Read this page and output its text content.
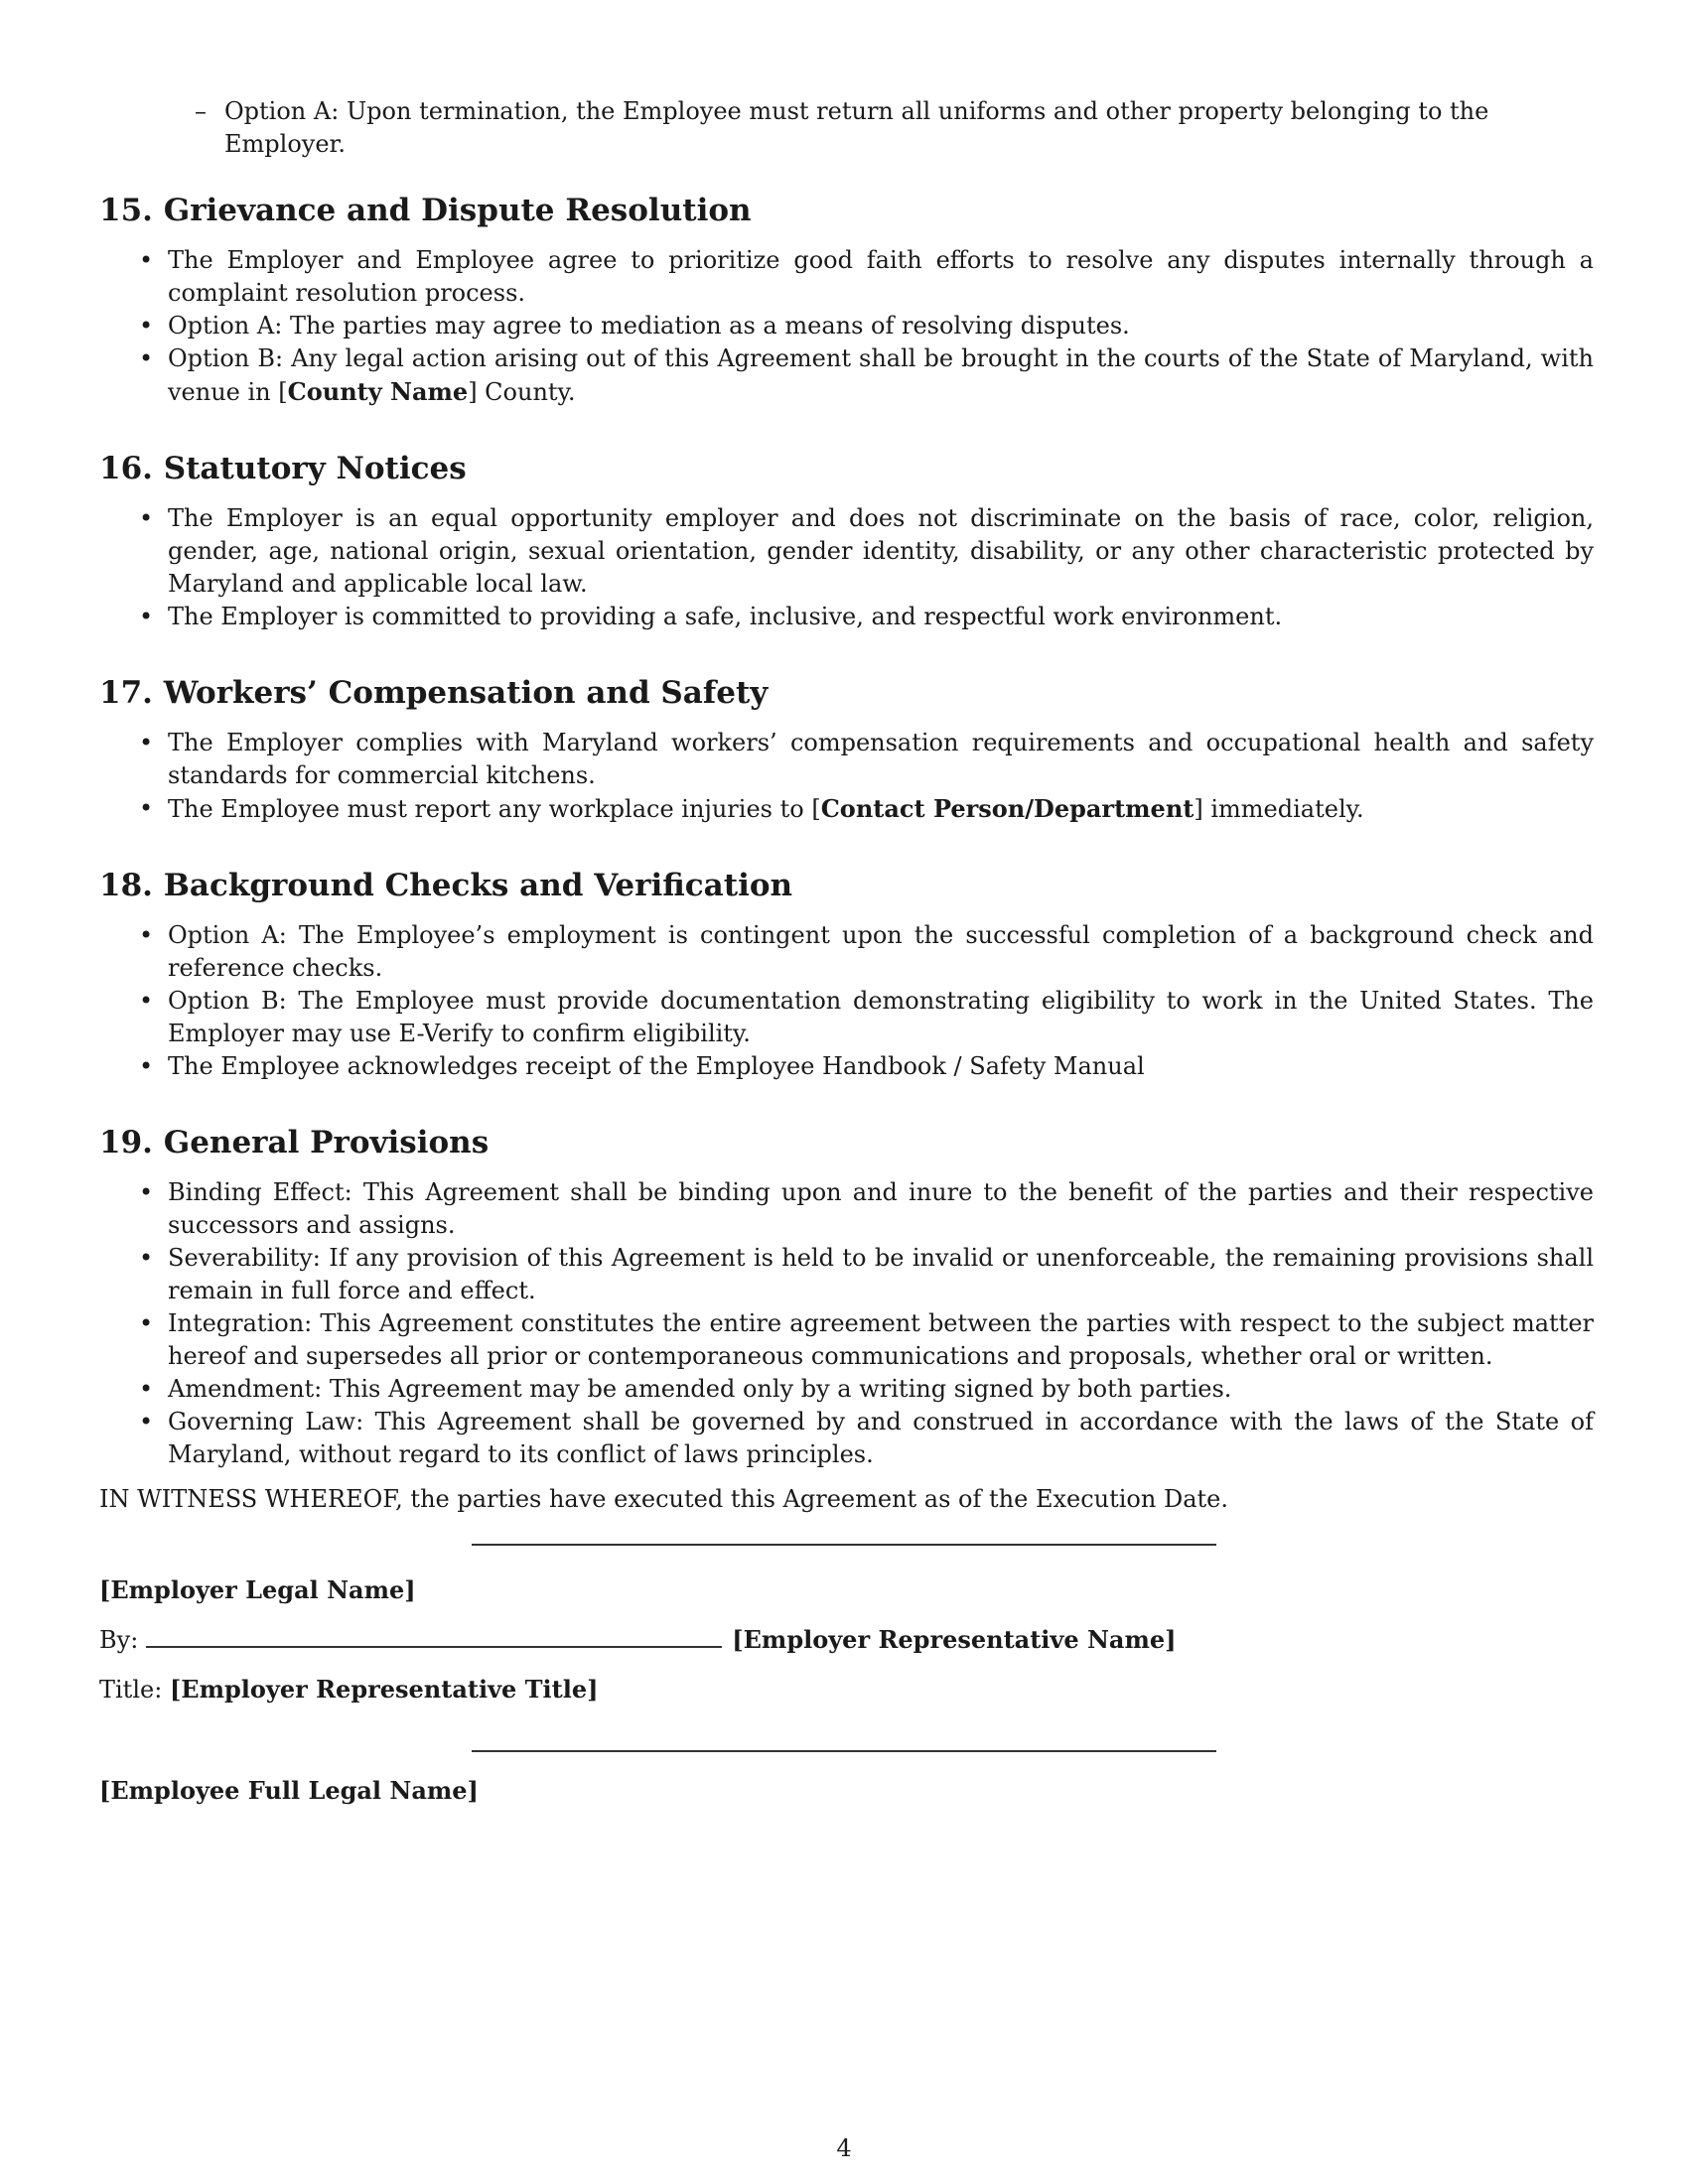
– Option A: Upon termination, the Employee must return all uniforms and other property belonging to the Employer.
15. Grievance and Dispute Resolution
• The Employer and Employee agree to prioritize good faith efforts to resolve any disputes internally through a complaint resolution process.
• Option A: The parties may agree to mediation as a means of resolving disputes.
• Option B: Any legal action arising out of this Agreement shall be brought in the courts of the State of Maryland, with venue in [County Name] County.
16. Statutory Notices
• The Employer is an equal opportunity employer and does not discriminate on the basis of race, color, religion, gender, age, national origin, sexual orientation, gender identity, disability, or any other characteristic protected by Maryland and applicable local law.
• The Employer is committed to providing a safe, inclusive, and respectful work environment.
17. Workers’ Compensation and Safety
• The Employer complies with Maryland workers’ compensation requirements and occupational health and safety standards for commercial kitchens.
• The Employee must report any workplace injuries to [Contact Person/Department] immediately.
18. Background Checks and Verification
• Option A: The Employee’s employment is contingent upon the successful completion of a background check and reference checks.
• Option B: The Employee must provide documentation demonstrating eligibility to work in the United States. The Employer may use E-Verify to confirm eligibility.
• The Employee acknowledges receipt of the Employee Handbook / Safety Manual
19. General Provisions
• Binding Effect: This Agreement shall be binding upon and inure to the benefit of the parties and their respective successors and assigns.
• Severability: If any provision of this Agreement is held to be invalid or unenforceable, the remaining provisions shall remain in full force and effect.
• Integration: This Agreement constitutes the entire agreement between the parties with respect to the subject matter hereof and supersedes all prior or contemporaneous communications and proposals, whether oral or written.
• Amendment: This Agreement may be amended only by a writing signed by both parties.
• Governing Law: This Agreement shall be governed by and construed in accordance with the laws of the State of Maryland, without regard to its conflict of laws principles.

IN WITNESS WHEREOF, the parties have executed this Agreement as of the Execution Date.

[Employer Legal Name]
By:	[Employer Representative Name]
Title: [Employer Representative Title]
[Employee Full Legal Name]
4
